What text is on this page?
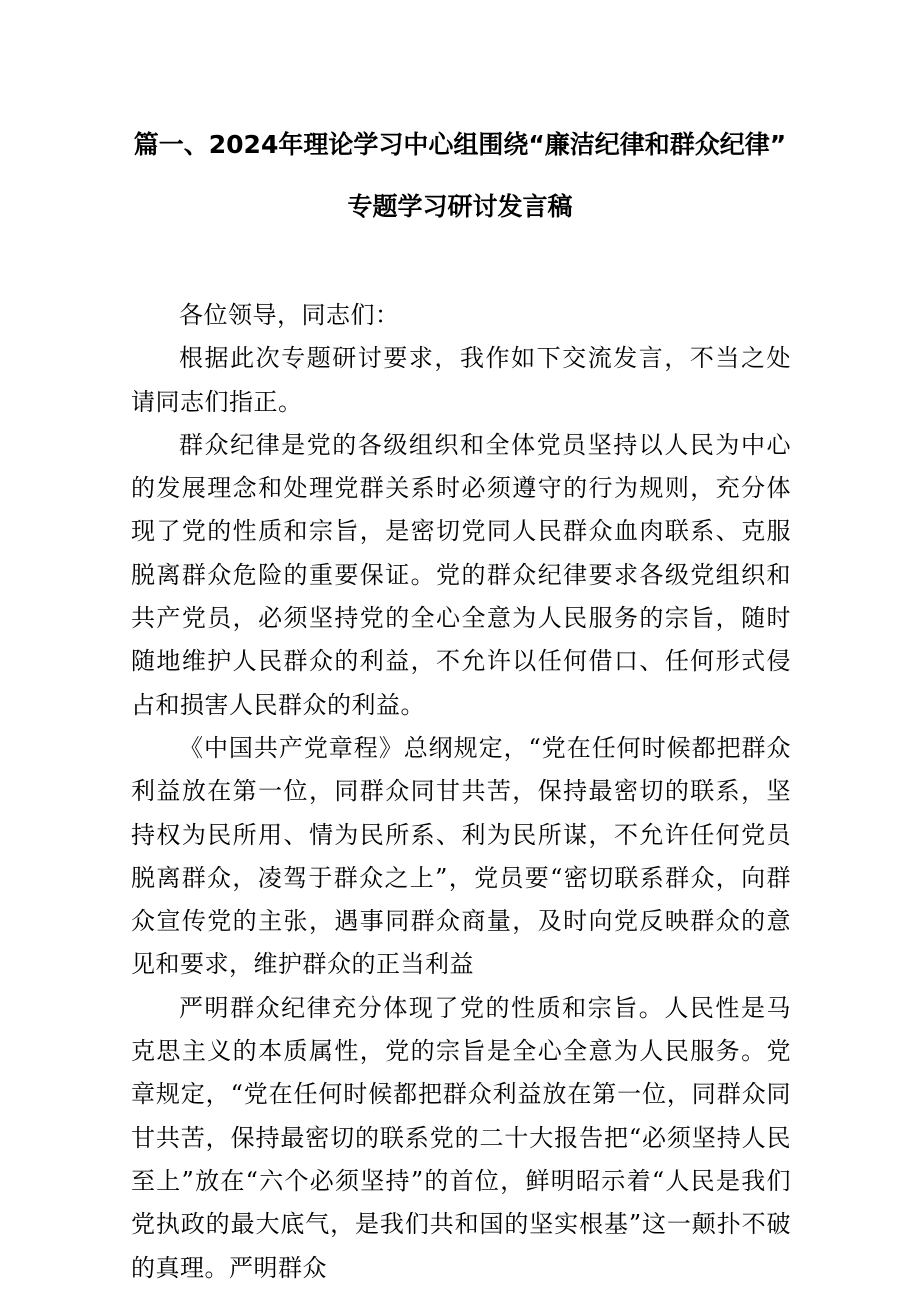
篇一、2024年理论学习中心组围绕“廉洁纪律和群众纪律”
专题学习研讨发言稿

各位领导，同志们：

根据此次专题研讨要求，我作如下交流发言，不当之处请同志们指正。

群众纪律是党的各级组织和全体党员坚持以人民为中心的发展理念和处理党群关系时必须遵守的行为规则，充分体现了党的性质和宗旨，是密切党同人民群众血肉联系、克服脱离群众危险的重要保证。党的群众纪律要求各级党组织和共产党员，必须坚持党的全心全意为人民服务的宗旨，随时随地维护人民群众的利益，不允许以任何借口、任何形式侵占和损害人民群众的利益。

《中国共产党章程》总纲规定，“党在任何时候都把群众利益放在第一位，同群众同甘共苦，保持最密切的联系，坚持权为民所用、情为民所系、利为民所谋，不允许任何党员脱离群众，凌驾于群众之上”，党员要“密切联系群众，向群众宣传党的主张，遇事同群众商量，及时向党反映群众的意见和要求，维护群众的正当利益

严明群众纪律充分体现了党的性质和宗旨。人民性是马克思主义的本质属性，党的宗旨是全心全意为人民服务。党章规定，“党在任何时候都把群众利益放在第一位，同群众同甘共苦，保持最密切的联系党的二十大报告把“必须坚持人民至上”放在“六个必须坚持”的首位，鲜明昭示着“人民是我们党执政的最大底气，是我们共和国的坚实根基”这一颠扑不破的真理。严明群众
